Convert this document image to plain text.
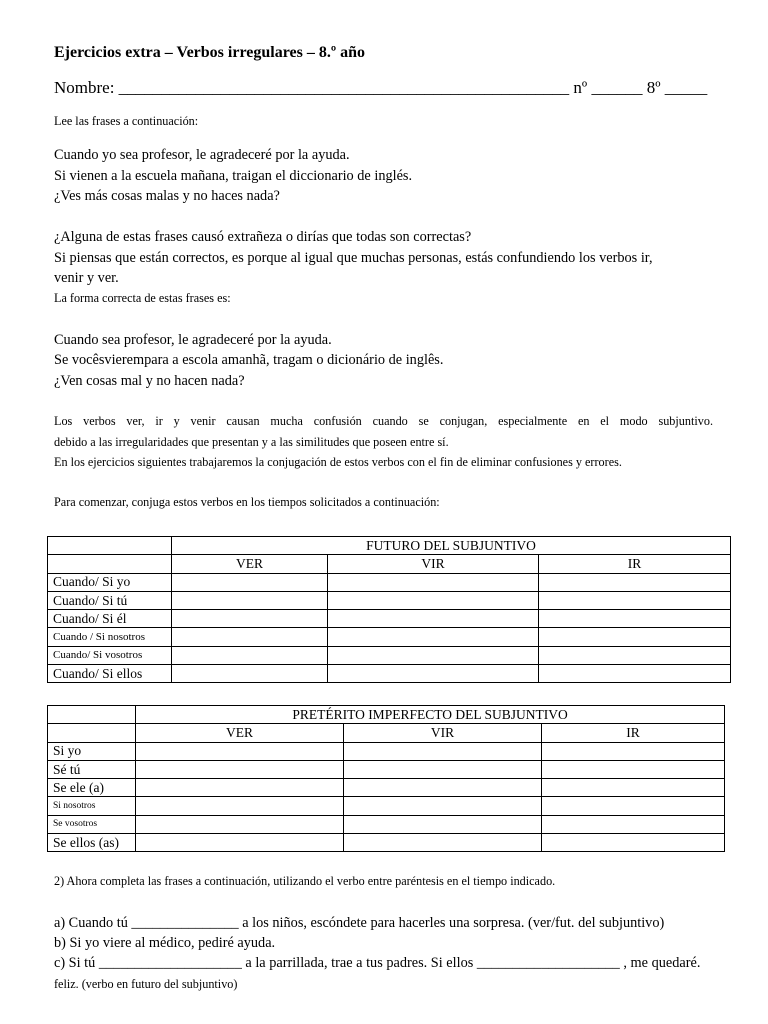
Ejercicios extra – Verbos irregulares – 8.º año
Nombre: _____________________________________________________ nº ______ 8º _____
Lee las frases a continuación:
Cuando yo sea profesor, le agradeceré por la ayuda.
Si vienen a la escuela mañana, traigan el diccionario de inglés.
¿Ves más cosas malas y no haces nada?
¿Alguna de estas frases causó extrañeza o dirías que todas son correctas?
Si piensas que están correctos, es porque al igual que muchas personas, estás confundiendo los verbos ir,
venir y ver.
La forma correcta de estas frases es:
Cuando sea profesor, le agradeceré por la ayuda.
Se vocêsvierempara a escola amanhã, tragam o dicionário de inglês.
¿Ven cosas mal y no hacen nada?
Los verbos ver, ir y venir causan mucha confusión cuando se conjugan, especialmente en el modo subjuntivo.
debido a las irregularidades que presentan y a las similitudes que poseen entre sí.
En los ejercicios siguientes trabajaremos la conjugación de estos verbos con el fin de eliminar confusiones y errores.
Para comenzar, conjuga estos verbos en los tiempos solicitados a continuación:
	FUTURO DEL SUBJUNTIVO		
	VER	VIR	IR
Cuando/ Si yo			
Cuando/ Si tú			
Cuando/ Si él			
Cuando / Si nosotros			
Cuando/ Si vosotros			
Cuando/ Si ellos			
	PRETÉRITO IMPERFECTO DEL SUBJUNTIVO		
	VER	VIR	IR
Si yo			
Sé tú			
Se ele (a)			
Si nosotros			
Se vosotros			
Se ellos (as)			
2) Ahora completa las frases a continuación, utilizando el verbo entre paréntesis en el tiempo indicado.
a) Cuando tú _______________ a los niños, escóndete para hacerles una sorpresa. (ver/fut. del subjuntivo)
b) Si yo viere al médico, pediré ayuda.
c) Si tú ____________________ a la parrillada, trae a tus padres. Si ellos ____________________ , me quedaré.
feliz. (verbo en futuro del subjuntivo)
